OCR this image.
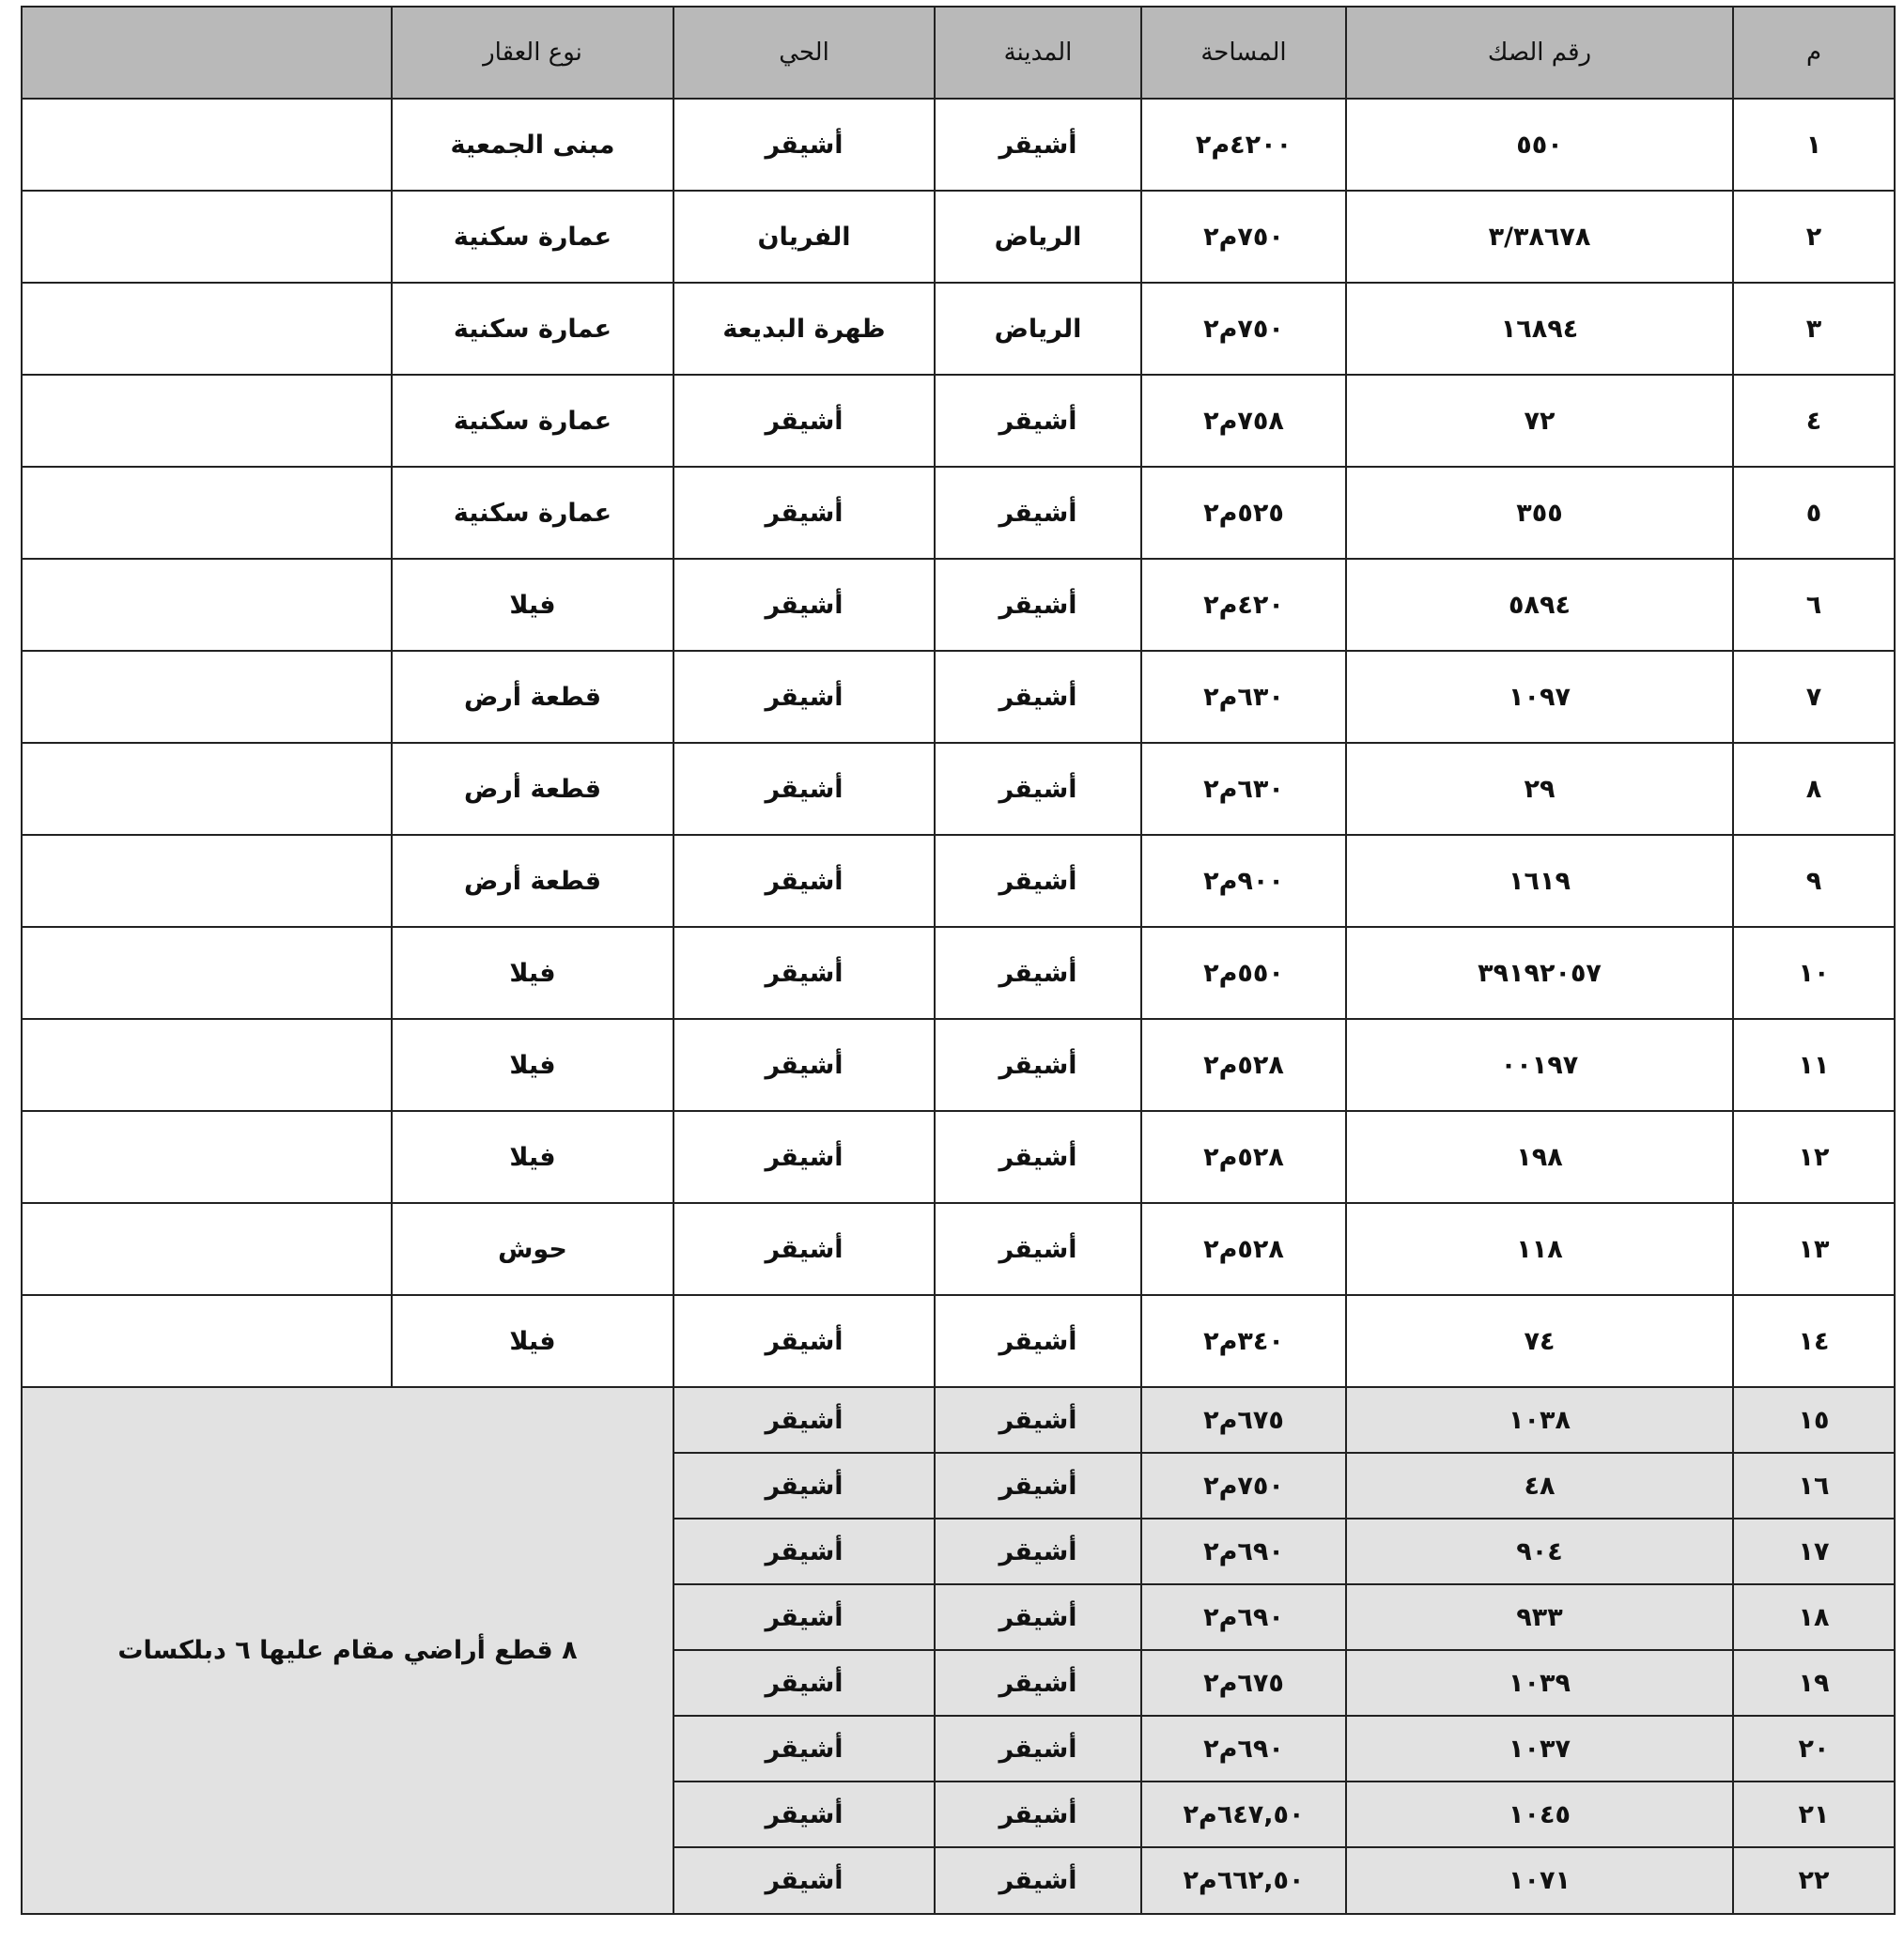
م	رقم الصك	المساحة	المدينة	الحي	نوع العقار	
١	٥٥٠	٤٢٠٠م٢	أشيقر	أشيقر	مبنى الجمعية	
٢	٣/٣٨٦٧٨	٧٥٠م٢	الرياض	الفريان	عمارة سكنية	
٣	١٦٨٩٤	٧٥٠م٢	الرياض	ظهرة البديعة	عمارة سكنية	
٤	٧٢	٧٥٨م٢	أشيقر	أشيقر	عمارة سكنية	
٥	٣٥٥	٥٢٥م٢	أشيقر	أشيقر	عمارة سكنية	
٦	٥٨٩٤	٤٢٠م٢	أشيقر	أشيقر	فيلا	
٧	١٠٩٧	٦٣٠م٢	أشيقر	أشيقر	قطعة أرض	
٨	٢٩	٦٣٠م٢	أشيقر	أشيقر	قطعة أرض	
٩	١٦١٩	٩٠٠م٢	أشيقر	أشيقر	قطعة أرض	
١٠	٣٩١٩٢٠٥٧	٥٥٠م٢	أشيقر	أشيقر	فيلا	
١١	٠٠١٩٧	٥٢٨م٢	أشيقر	أشيقر	فيلا	
١٢	١٩٨	٥٢٨م٢	أشيقر	أشيقر	فيلا	
١٣	١١٨	٥٢٨م٢	أشيقر	أشيقر	حوش	
١٤	٧٤	٣٤٠م٢	أشيقر	أشيقر	فيلا	
١٥	١٠٣٨	٦٧٥م٢	أشيقر	أشيقر	٨ قطع أراضي مقام عليها ٦ دبلكسات	
١٦	٤٨	٧٥٠م٢	أشيقر	أشيقر		
١٧	٩٠٤	٦٩٠م٢	أشيقر	أشيقر		
١٨	٩٣٣	٦٩٠م٢	أشيقر	أشيقر		
١٩	١٠٣٩	٦٧٥م٢	أشيقر	أشيقر		
٢٠	١٠٣٧	٦٩٠م٢	أشيقر	أشيقر		
٢١	١٠٤٥	٦٤٧,٥٠م٢	أشيقر	أشيقر		
٢٢	١٠٧١	٦٦٢,٥٠م٢	أشيقر	أشيقر		
